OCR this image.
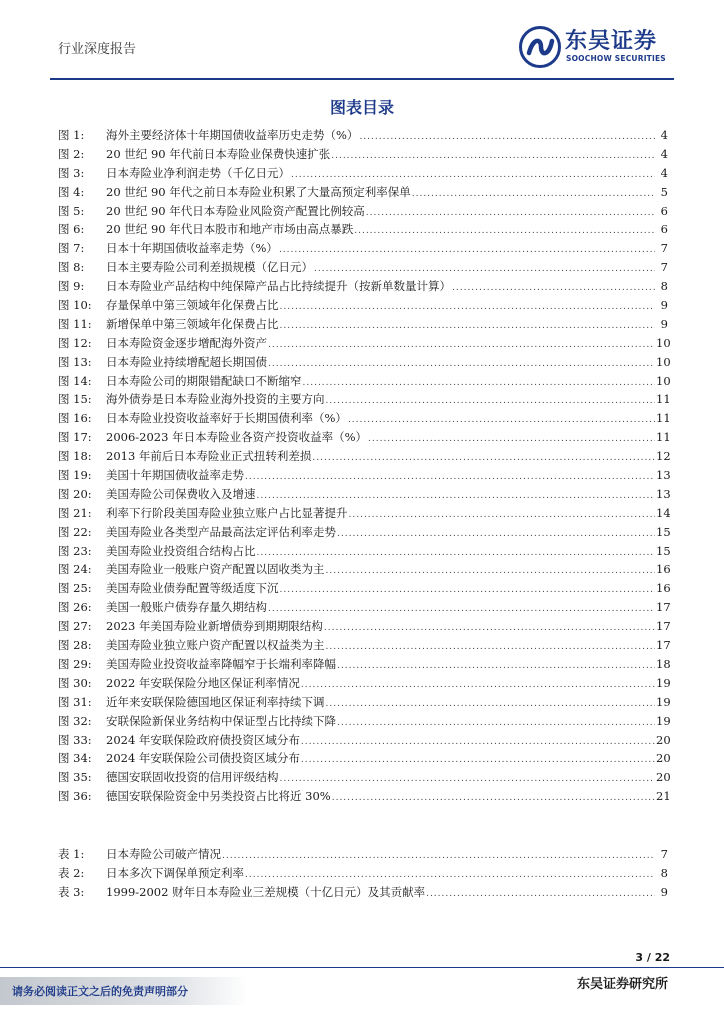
行业深度报告	东吴证券
SOOCHOW SECURITIES
图表目录
图 1:	海外主要经济体十年期国债收益率历史走势（%） .....	4
图 2:	20 世纪 90 年代前日本寿险业保费快速扩张 .....	4
图 3:	日本寿险业净利润走势（千亿日元） .....	4
图 4:	20 世纪 90 年代之前日本寿险业积累了大量高预定利率保单 .....	5
图 5:	20 世纪 90 年代日本寿险业风险资产配置比例较高 .....	6
图 6:	20 世纪 90 年代日本股市和地产市场由高点暴跌 .....	6
图 7:	日本十年期国债收益率走势（%） .....	7
图 8:	日本主要寿险公司利差损规模（亿日元） .....	7
图 9:	日本寿险业产品结构中纯保障产品占比持续提升（按新单数量计算） .....	8
图 10:	存量保单中第三领域年化保费占比 .....	9
图 11:	新增保单中第三领域年化保费占比 .....	9
图 12:	日本寿险资金逐步增配海外资产 .....	10
图 13:	日本寿险业持续增配超长期国债 .....	10
图 14:	日本寿险公司的期限错配缺口不断缩窄 .....	10
图 15:	海外债券是日本寿险业海外投资的主要方向 .....	11
图 16:	日本寿险业投资收益率好于长期国债利率（%） .....	11
图 17:	2006-2023 年日本寿险业各资产投资收益率（%） .....	11
图 18:	2013 年前后日本寿险业正式扭转利差损 .....	12
图 19:	美国十年期国债收益率走势 .....	13
图 20:	美国寿险公司保费收入及增速 .....	13
图 21:	利率下行阶段美国寿险业独立账户占比显著提升 .....	14
图 22:	美国寿险业各类型产品最高法定评估利率走势 .....	15
图 23:	美国寿险业投资组合结构占比 .....	15
图 24:	美国寿险业一般账户资产配置以固收类为主 .....	16
图 25:	美国寿险业债券配置等级适度下沉 .....	16
图 26:	美国一般账户债券存量久期结构 .....	17
图 27:	2023 年美国寿险业新增债券到期期限结构 .....	17
图 28:	美国寿险业独立账户资产配置以权益类为主 .....	17
图 29:	美国寿险业投资收益率降幅窄于长端利率降幅 .....	18
图 30:	2022 年安联保险分地区保证利率情况 .....	19
图 31:	近年来安联保险德国地区保证利率持续下调 .....	19
图 32:	安联保险新保业务结构中保证型占比持续下降 .....	19
图 33:	2024 年安联保险政府债投资区域分布 .....	20
图 34:	2024 年安联保险公司债投资区域分布 .....	20
图 35:	德国安联固收投资的信用评级结构 .....	20
图 36:	德国安联保险资金中另类投资占比将近 30% .....	21
表 1:	日本寿险公司破产情况 .....	7
表 2:	日本多次下调保单预定利率 .....	8
表 3:	1999-2002 财年日本寿险业三差规模（十亿日元）及其贡献率 .....	9
3 / 22
请务必阅读正文之后的免责声明部分	东吴证券研究所
